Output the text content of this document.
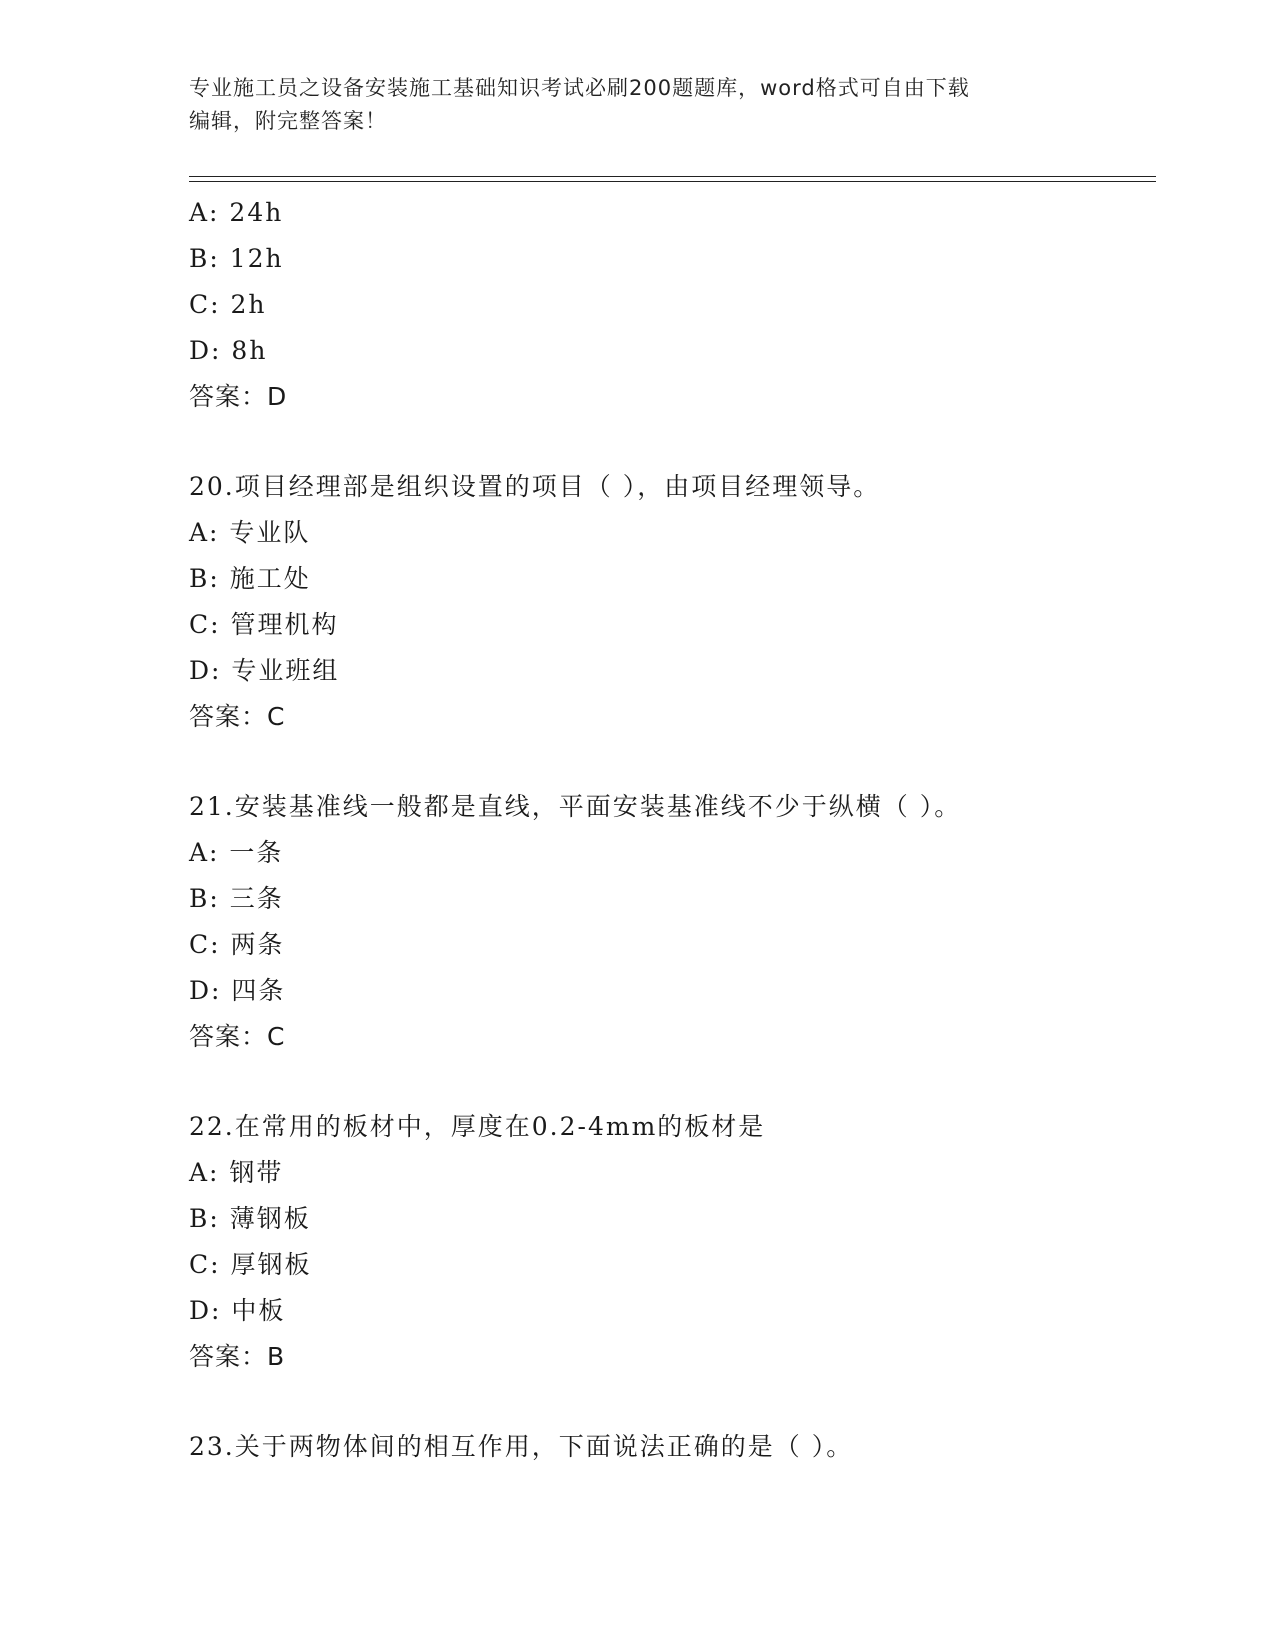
专业施工员之设备安装施工基础知识考试必刷200题题库，word格式可自由下载
编辑，附完整答案！
A: 24h
B: 12h
C: 2h
D: 8h
答案：D
20.项目经理部是组织设置的项目（ ），由项目经理领导。
A: 专业队
B: 施工处
C: 管理机构
D: 专业班组
答案：C
21.安装基准线一般都是直线，平面安装基准线不少于纵横（ ）。
A: 一条
B: 三条
C: 两条
D: 四条
答案：C
22.在常用的板材中，厚度在0.2-4mm的板材是
A: 钢带
B: 薄钢板
C: 厚钢板
D: 中板
答案：B
23.关于两物体间的相互作用，下面说法正确的是（ ）。
